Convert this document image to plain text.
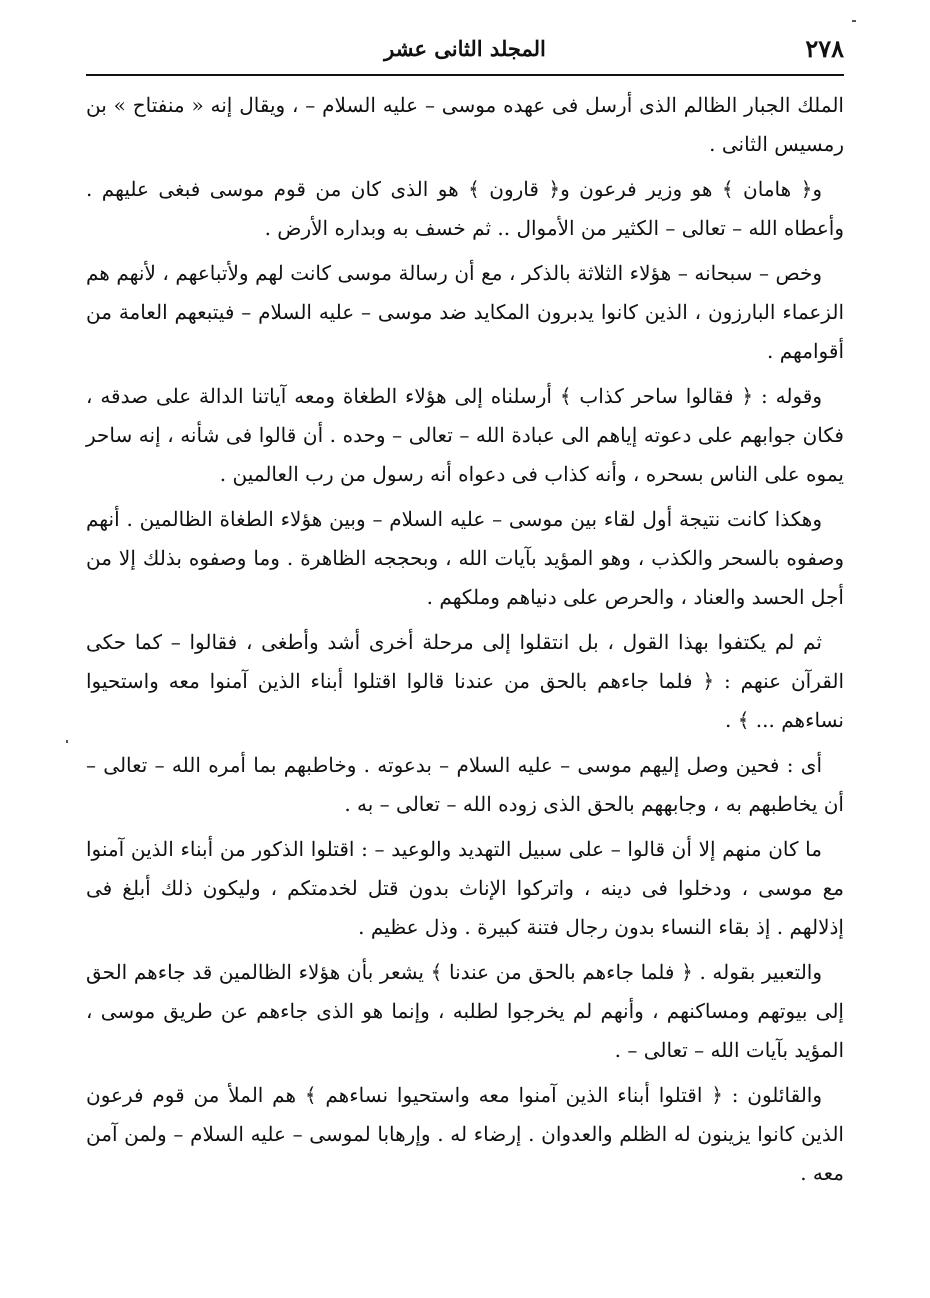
٢٧٨
المجلد الثانى عشر

الملك الجبار الظالم الذى أرسل فى عهده موسى – عليه السلام – ، ويقال إنه « منفتاح » بن رمسيس الثانى .

و﴿ هامان ﴾ هو وزير فرعون و﴿ قارون ﴾ هو الذى كان من قوم موسى فبغى عليهم . وأعطاه الله – تعالى – الكثير من الأموال .. ثم خسف به وبداره الأرض .

وخص – سبحانه – هؤلاء الثلاثة بالذكر ، مع أن رسالة موسى كانت لهم ولأتباعهم ، لأنهم هم الزعماء البارزون ، الذين كانوا يدبرون المكايد ضد موسى – عليه السلام – فيتبعهم العامة من أقوامهم .

وقوله : ﴿ فقالوا ساحر كذاب ﴾ أرسلناه إلى هؤلاء الطغاة ومعه آياتنا الدالة على صدقه ، فكان جوابهم على دعوته إياهم الى عبادة الله – تعالى – وحده . أن قالوا فى شأنه ، إنه ساحر يموه على الناس بسحره ، وأنه كذاب فى دعواه أنه رسول من رب العالمين .

وهكذا كانت نتيجة أول لقاء بين موسى – عليه السلام – وبين هؤلاء الطغاة الظالمين . أنهم وصفوه بالسحر والكذب ، وهو المؤيد بآيات الله ، وبحججه الظاهرة . وما وصفوه بذلك إلا من أجل الحسد والعناد ، والحرص على دنياهم وملكهم .

ثم لم يكتفوا بهذا القول ، بل انتقلوا إلى مرحلة أخرى أشد وأطغى ، فقالوا – كما حكى القرآن عنهم : ﴿ فلما جاءهم بالحق من عندنا قالوا اقتلوا أبناء الذين آمنوا معه واستحيوا نساءهم ... ﴾ .

أى : فحين وصل إليهم موسى – عليه السلام – بدعوته . وخاطبهم بما أمره الله – تعالى – أن يخاطبهم به ، وجابههم بالحق الذى زوده الله – تعالى – به .

ما كان منهم إلا أن قالوا – على سبيل التهديد والوعيد – : اقتلوا الذكور من أبناء الذين آمنوا مع موسى ، ودخلوا فى دينه ، واتركوا الإناث بدون قتل لخدمتكم ، وليكون ذلك أبلغ فى إذلالهم . إذ بقاء النساء بدون رجال فتنة كبيرة . وذل عظيم .

والتعبير بقوله . ﴿ فلما جاءهم بالحق من عندنا ﴾ يشعر بأن هؤلاء الظالمين قد جاءهم الحق إلى بيوتهم ومساكنهم ، وأنهم لم يخرجوا لطلبه ، وإنما هو الذى جاءهم عن طريق موسى ، المؤيد بآيات الله – تعالى – .

والقائلون : ﴿ اقتلوا أبناء الذين آمنوا معه واستحيوا نساءهم ﴾ هم الملأ من قوم فرعون الذين كانوا يزينون له الظلم والعدوان . إرضاء له . وإرهابا لموسى – عليه السلام – ولمن آمن معه .
